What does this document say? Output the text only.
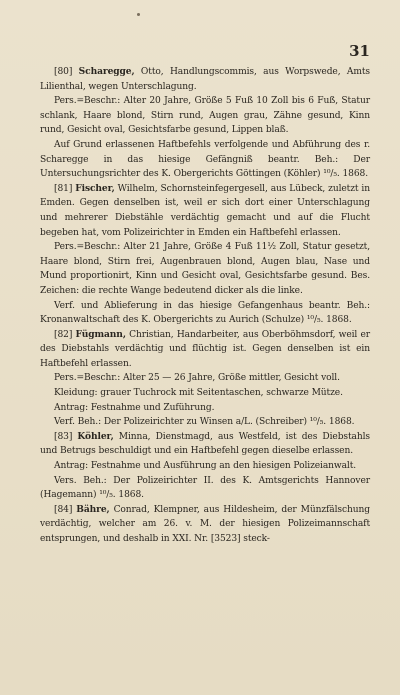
31

[80] Scharegge, Otto, Handlungscommis, aus Worpswede, Amts Lilienthal, wegen Unterschlagung.

Pers.=Beschr.: Alter 20 Jahre, Größe 5 Fuß 10 Zoll bis 6 Fuß, Statur schlank, Haare blond, Stirn rund, Augen grau, Zähne gesund, Kinn rund, Gesicht oval, Gesichtsfarbe gesund, Lippen blaß.

Auf Grund erlassenen Haftbefehls verfolgende und Abführung des r. Scharegge in das hiesige Gefängniß beantr. Beh.: Der Untersuchungsrichter des K. Obergerichts Göttingen (Köhler) ¹⁰/₅. 1868.

[81] Fischer, Wilhelm, Schornsteinfegergesell, aus Lübeck, zuletzt in Emden. Gegen denselben ist, weil er sich dort einer Unterschlagung und mehrerer Diebstähle verdächtig gemacht und auf die Flucht begeben hat, vom Polizeirichter in Emden ein Haftbefehl erlassen.

Pers.=Beschr.: Alter 21 Jahre, Größe 4 Fuß 11½ Zoll, Statur gesetzt, Haare blond, Stirn frei, Augenbrauen blond, Augen blau, Nase und Mund proportionirt, Kinn und Gesicht oval, Gesichtsfarbe gesund. Bes. Zeichen: die rechte Wange bedeutend dicker als die linke.

Verf. und Ablieferung in das hiesige Gefangenhaus beantr. Beh.: Kronanwaltschaft des K. Obergerichts zu Aurich (Schulze) ¹⁰/₅. 1868.

[82] Fügmann, Christian, Handarbeiter, aus Oberböhmsdorf, weil er des Diebstahls verdächtig und flüchtig ist. Gegen denselben ist ein Haftbefehl erlassen.

Pers.=Beschr.: Alter 25 — 26 Jahre, Größe mittler, Gesicht voll.

Kleidung: grauer Tuchrock mit Seitentaschen, schwarze Mütze.

Antrag: Festnahme und Zuführung.

Verf. Beh.: Der Polizeirichter zu Winsen a/L. (Schreiber) ¹⁰/₅. 1868.

[83] Köhler, Minna, Dienstmagd, aus Westfeld, ist des Diebstahls und Betrugs beschuldigt und ein Haftbefehl gegen dieselbe erlassen.

Antrag: Festnahme und Ausführung an den hiesigen Polizeianwalt.

Vers. Beh.: Der Polizeirichter II. des K. Amtsgerichts Hannover (Hagemann) ¹⁰/₅. 1868.

[84] Bähre, Conrad, Klempner, aus Hildesheim, der Münzfälschung verdächtig, welcher am 26. v. M. der hiesigen Polizeimannschaft entsprungen, und deshalb in XXI. Nr. [3523] steck-
